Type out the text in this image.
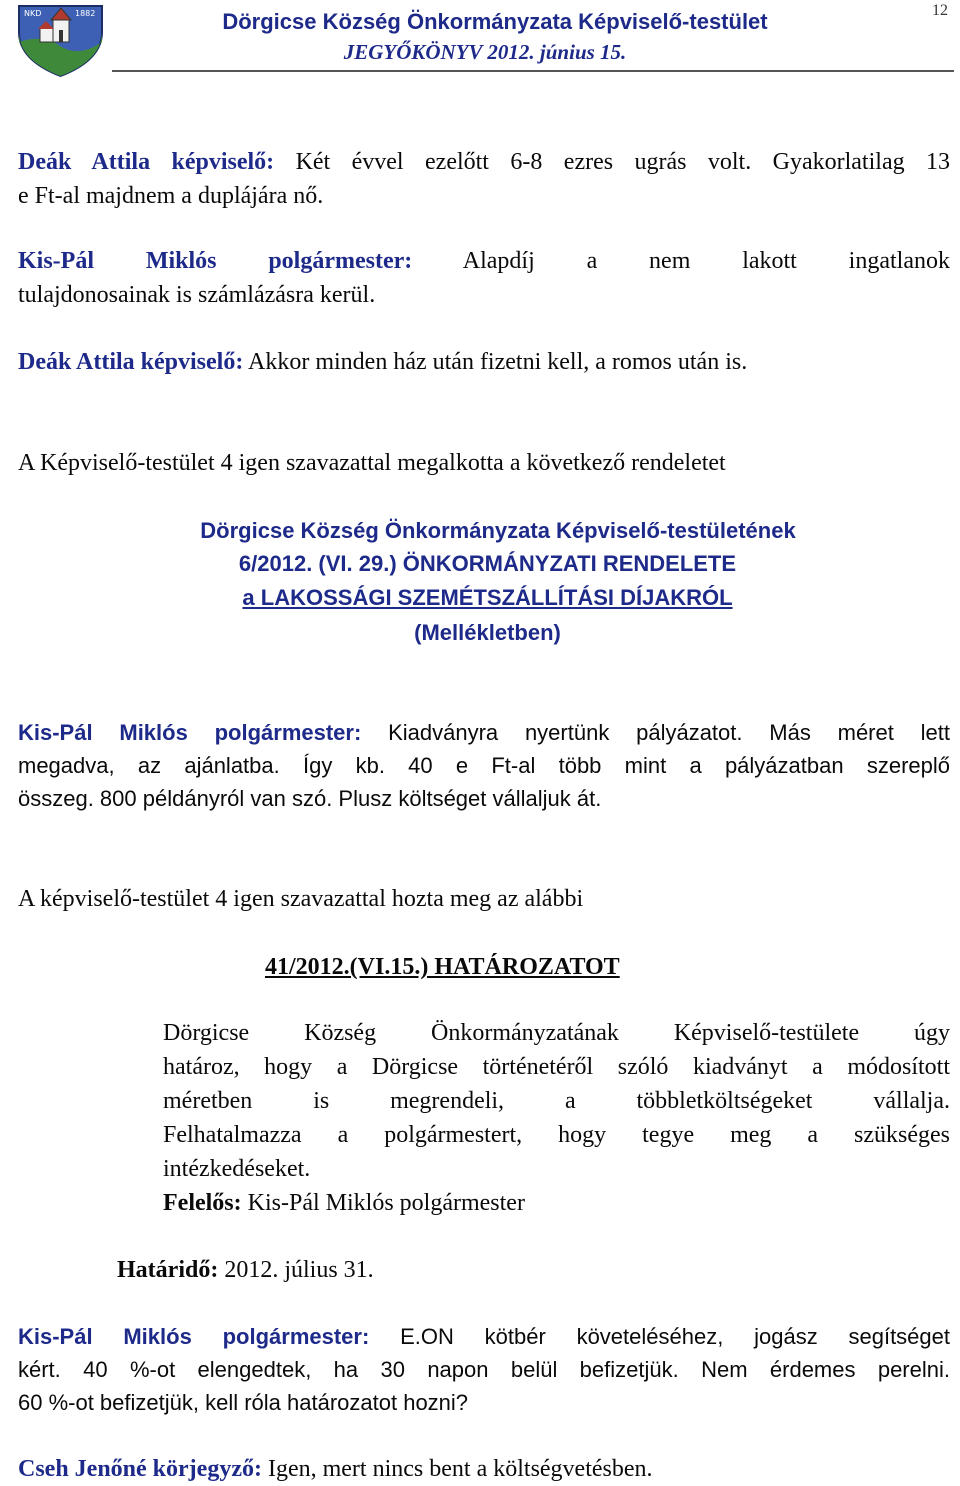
NKD	1882	Dörgicse Község Önkormányzata Képviselő-testület
JEGYŐKÖNYV 2012. június 15.
12
Deák Attila képviselő: Két évvel ezelőtt 6-8 ezres ugrás volt. Gyakorlatilag 13
e Ft-al majdnem a duplájára nő.
Kis-Pál Miklós polgármester: Alapdíj a nem lakott ingatlanok
tulajdonosainak is számlázásra kerül.
Deák Attila képviselő: Akkor minden ház után fizetni kell, a romos után is.
A Képviselő-testület 4 igen szavazattal megalkotta a következő rendeletet
Dörgicse Község Önkormányzata Képviselő-testületének
6/2012. (VI. 29.) ÖNKORMÁNYZATI RENDELETE
a LAKOSSÁGI SZEMÉTSZÁLLÍTÁSI DÍJAKRÓL
(Mellékletben)
Kis-Pál Miklós polgármester: Kiadványra nyertünk pályázatot. Más méret lett
megadva, az ajánlatba. Így kb. 40 e Ft-al több mint a pályázatban szereplő
összeg. 800 példányról van szó. Plusz költséget vállaljuk át.
A képviselő-testület 4 igen szavazattal hozta meg az alábbi
41/2012.(VI.15.) HATÁROZATOT
Dörgicse Község Önkormányzatának Képviselő-testülete úgy
határoz, hogy a Dörgicse történetéről szóló kiadványt a módosított
méretben is megrendeli, a többletköltségeket vállalja.
Felhatalmazza a polgármestert, hogy tegye meg a szükséges
intézkedéseket.
Felelős: Kis-Pál Miklós polgármester
Határidő: 2012. július 31.
Kis-Pál Miklós polgármester: E.ON kötbér követeléséhez, jogász segítséget
kért. 40 %-ot elengedtek, ha 30 napon belül befizetjük. Nem érdemes perelni.
60 %-ot befizetjük, kell róla határozatot hozni?
Cseh Jenőné körjegyző: Igen, mert nincs bent a költségvetésben.
